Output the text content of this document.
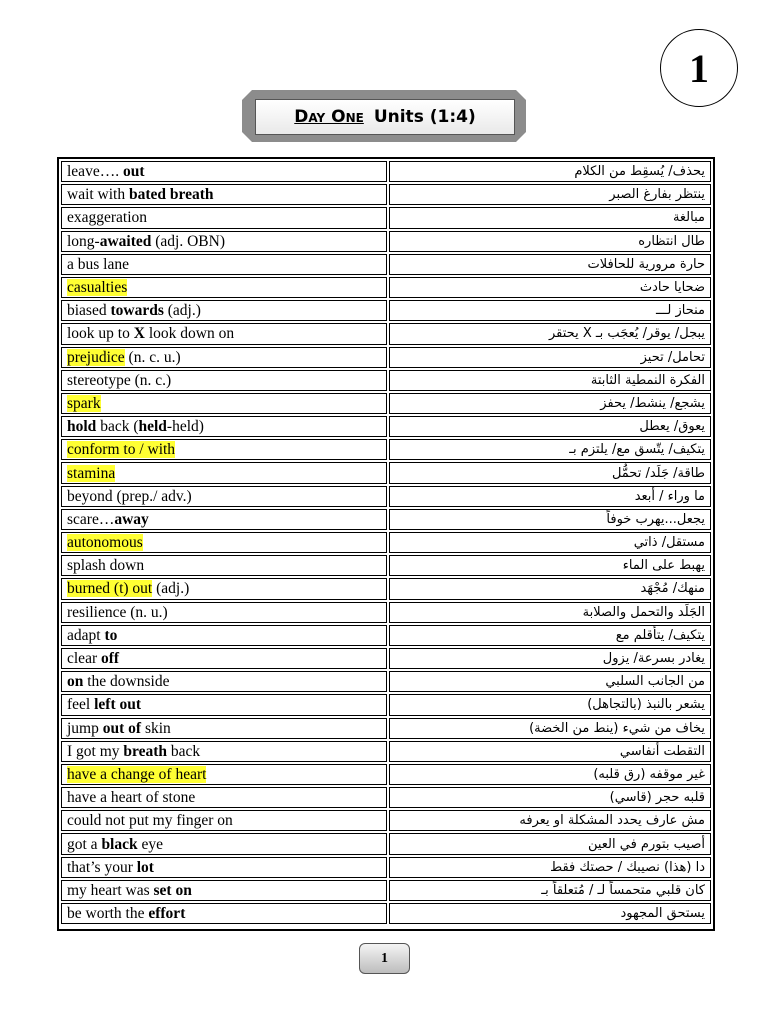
1
Day One Units (1:4)
leave…. out	يحذف/ يُسقِط من الكلام
wait with bated breath	ينتظر بفارغ الصبر
exaggeration	مبالغة
long-awaited (adj. OBN)	طال انتظاره
a bus lane	حارة مرورية للحافلات
casualties	ضحايا حادث
biased towards (adj.)	منحاز لـــ
look up to X look down on	يبجل/ يوقر/ يُعجَب بـ X يحتقر
prejudice (n. c. u.)	تحامل/ تحيز
stereotype (n. c.)	الفكرة النمطية الثابتة
spark	يشجع/ ينشط/ يحفز
hold back (held-held)	يعوق/ يعطل
conform to / with	يتكيف/ يتّسق مع/ يلتزم بـ
stamina	طاقة/ جَلَد/ تحمُّل
beyond (prep./ adv.)	ما وراء / أبعد
scare…away	يجعل...يهرب خوفاً
autonomous	مستقل/ ذاتي
splash down	يهبط على الماء
burned (t) out (adj.)	منهك/ مُجْهَد
resilience (n. u.)	الجَلَد والتحمل والصلابة
adapt to	يتكيف/ يتأقلم مع
clear off	يغادر بسرعة/ يزول
on the downside	من الجانب السلبي
feel left out	يشعر بالنبذ (بالتجاهل)
jump out of skin	يخاف من شيء (ينط من الخضة)
I got my breath back	التقطت أنفاسي
have a change of heart	غير موقفه (رق قلبه)
have a heart of stone	قلبه حجر (قاسي)
could not put my finger on	مش عارف يحدد المشكلة او يعرفه
got a black eye	أصيب بتورم في العين
that’s your lot	دا (هذا) نصيبك / حصتك فقط
my heart was set on	كان قلبي متحمساً لـ / مُتعلقاً بـ
be worth the effort	يستحق المجهود
1
